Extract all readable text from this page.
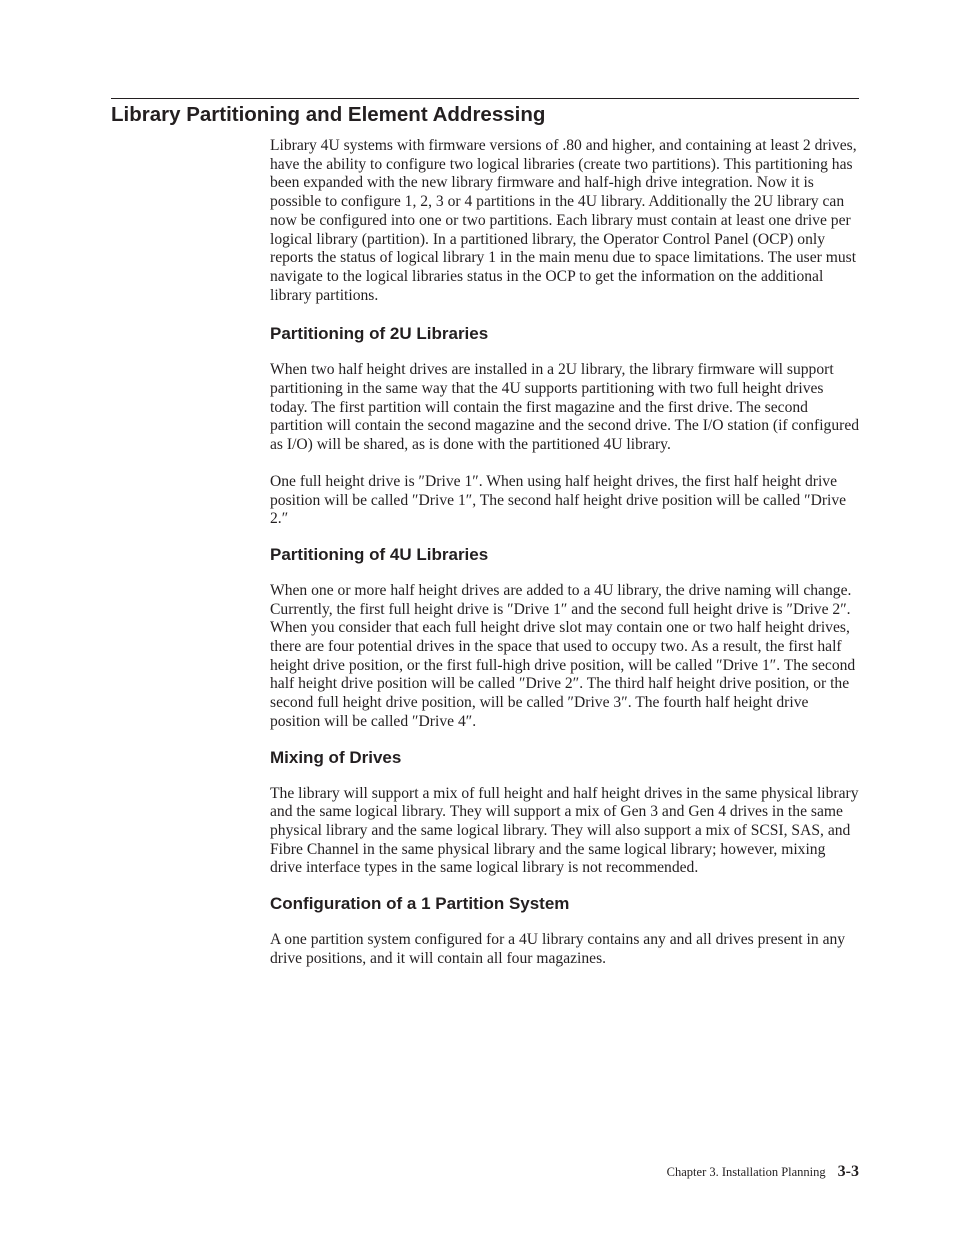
Library Partitioning and Element Addressing

Library 4U systems with firmware versions of .80 and higher, and containing at least 2 drives, have the ability to configure two logical libraries (create two partitions). This partitioning has been expanded with the new library firmware and half-high drive integration. Now it is possible to configure 1, 2, 3 or 4 partitions in the 4U library. Additionally the 2U library can now be configured into one or two partitions. Each library must contain at least one drive per logical library (partition). In a partitioned library, the Operator Control Panel (OCP) only reports the status of logical library 1 in the main menu due to space limitations. The user must navigate to the logical libraries status in the OCP to get the information on the additional library partitions.

Partitioning of 2U Libraries

When two half height drives are installed in a 2U library, the library firmware will support partitioning in the same way that the 4U supports partitioning with two full height drives today. The first partition will contain the first magazine and the first drive. The second partition will contain the second magazine and the second drive. The I/O station (if configured as I/O) will be shared, as is done with the partitioned 4U library.

One full height drive is ″Drive 1″. When using half height drives, the first half height drive position will be called ″Drive 1″, The second half height drive position will be called ″Drive 2.″

Partitioning of 4U Libraries

When one or more half height drives are added to a 4U library, the drive naming will change. Currently, the first full height drive is ″Drive 1″ and the second full height drive is ″Drive 2″. When you consider that each full height drive slot may contain one or two half height drives, there are four potential drives in the space that used to occupy two. As a result, the first half height drive position, or the first full-high drive position, will be called ″Drive 1″. The second half height drive position will be called ″Drive 2″. The third half height drive position, or the second full height drive position, will be called ″Drive 3″. The fourth half height drive position will be called ″Drive 4″.

Mixing of Drives

The library will support a mix of full height and half height drives in the same physical library and the same logical library. They will support a mix of Gen 3 and Gen 4 drives in the same physical library and the same logical library. They will also support a mix of SCSI, SAS, and Fibre Channel in the same physical library and the same logical library; however, mixing drive interface types in the same logical library is not recommended.

Configuration of a 1 Partition System

A one partition system configured for a 4U library contains any and all drives present in any drive positions, and it will contain all four magazines.

Chapter 3. Installation Planning 3-3
